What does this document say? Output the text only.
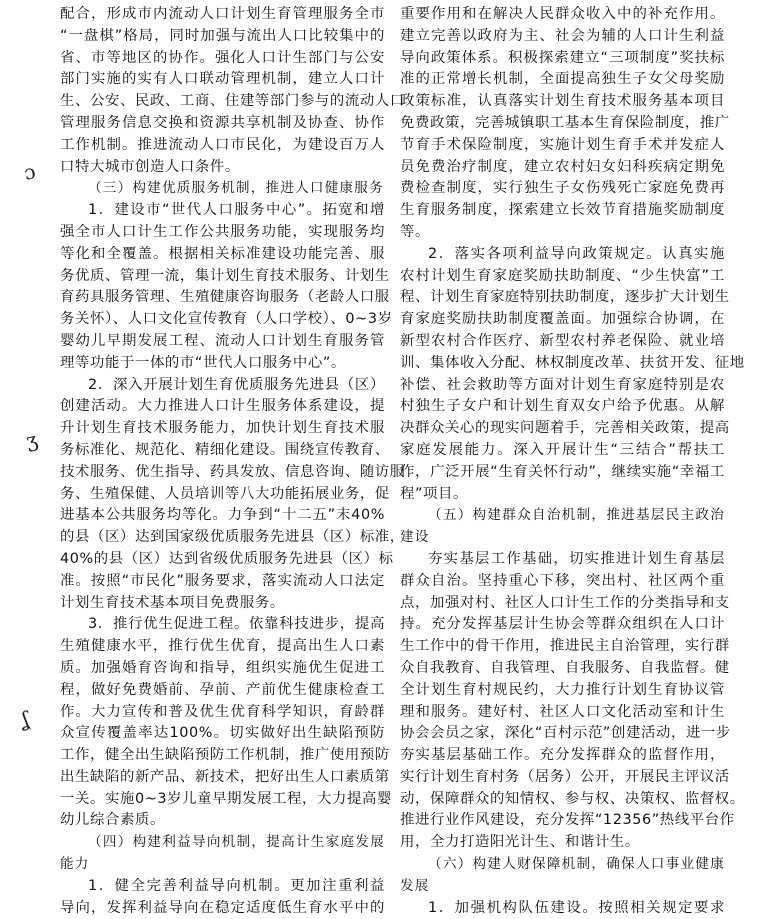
ɔ
ʒ
ʆ
配合，形成市内流动人口计划生育管理服务全市
“一盘棋”格局，同时加强与流出人口比较集中的
省、市等地区的协作。强化人口计生部门与公安
部门实施的实有人口联动管理机制，建立人口计
生、公安、民政、工商、住建等部门参与的流动人口
管理服务信息交换和资源共享机制及协查、协作
工作机制。推进流动人口市民化，为建设百万人
口特大城市创造人口条件。
（三）构建优质服务机制，推进人口健康服务
1．建设市“世代人口服务中心”。拓宽和增
强全市人口计生工作公共服务功能，实现服务均
等化和全覆盖。根据相关标准建设功能完善、服
务优质、管理一流，集计划生育技术服务、计划生
育药具服务管理、生殖健康咨询服务（老龄人口服
务关怀）、人口文化宣传教育（人口学校）、0~3岁
婴幼儿早期发展工程、流动人口计划生育服务管
理等功能于一体的市“世代人口服务中心”。
2．深入开展计划生育优质服务先进县（区）
创建活动。大力推进人口计生服务体系建设，提
升计划生育技术服务能力，加快计划生育技术服
务标准化、规范化、精细化建设。围绕宣传教育、
技术服务、优生指导、药具发放、信息咨询、随访服
务、生殖保健、人员培训等八大功能拓展业务，促
进基本公共服务均等化。力争到“十二五”末40%
的县（区）达到国家级优质服务先进县（区）标准，
40%的县（区）达到省级优质服务先进县（区）标
准。按照“市民化”服务要求，落实流动人口法定
计划生育技术基本项目免费服务。
3．推行优生促进工程。依靠科技进步，提高
生殖健康水平，推行优生优育，提高出生人口素
质。加强婚育咨询和指导，组织实施优生促进工
程，做好免费婚前、孕前、产前优生健康检查工
作。大力宣传和普及优生优育科学知识，育龄群
众宣传覆盖率达100%。切实做好出生缺陷预防
工作，健全出生缺陷预防工作机制，推广使用预防
出生缺陷的新产品、新技术，把好出生人口素质第
一关。实施0~3岁儿童早期发展工程，大力提高婴
幼儿综合素质。
（四）构建利益导向机制，提高计生家庭发展
能力
1．健全完善利益导向机制。更加注重利益
导向，发挥利益导向在稳定适度低生育水平中的
重要作用和在解决人民群众收入中的补充作用。
建立完善以政府为主、社会为辅的人口计生利益
导向政策体系。积极探索建立“三项制度”奖扶标
准的正常增长机制，全面提高独生子女父母奖励
政策标准，认真落实计划生育技术服务基本项目
免费政策，完善城镇职工基本生育保险制度，推广
节育手术保险制度，实施计划生育手术并发症人
员免费治疗制度，建立农村妇女妇科疾病定期免
费检查制度，实行独生子女伤残死亡家庭免费再
生育服务制度，探索建立长效节育措施奖励制度
等。
2．落实各项利益导向政策规定。认真实施
农村计划生育家庭奖励扶助制度、“少生快富”工
程、计划生育家庭特别扶助制度，逐步扩大计划生
育家庭奖励扶助制度覆盖面。加强综合协调，在
新型农村合作医疗、新型农村养老保险、就业培
训、集体收入分配、林权制度改革、扶贫开发、征地
补偿、社会救助等方面对计划生育家庭特别是农
村独生子女户和计划生育双女户给予优惠。从解
决群众关心的现实问题着手，完善相关政策，提高
家庭发展能力。深入开展计生“三结合”帮扶工
作，广泛开展“生育关怀行动”，继续实施“幸福工
程”项目。
（五）构建群众自治机制，推进基层民主政治
建设
夯实基层工作基础，切实推进计划生育基层
群众自治。坚持重心下移，突出村、社区两个重
点，加强对村、社区人口计生工作的分类指导和支
持。充分发挥基层计生协会等群众组织在人口计
生工作中的骨干作用，推进民主自治管理，实行群
众自我教育、自我管理、自我服务、自我监督。健
全计划生育村规民约，大力推行计划生育协议管
理和服务。建好村、社区人口文化活动室和计生
协会会员之家，深化“百村示范”创建活动，进一步
夯实基层基础工作。充分发挥群众的监督作用，
实行计划生育村务（居务）公开，开展民主评议活
动，保障群众的知情权、参与权、决策权、监督权。
推进行业作风建设，充分发挥“12356”热线平台作
用，全力打造阳光计生、和谐计生。
（六）构建人财保障机制，确保人口事业健康
发展
1．加强机构队伍建设。按照相关规定要求
